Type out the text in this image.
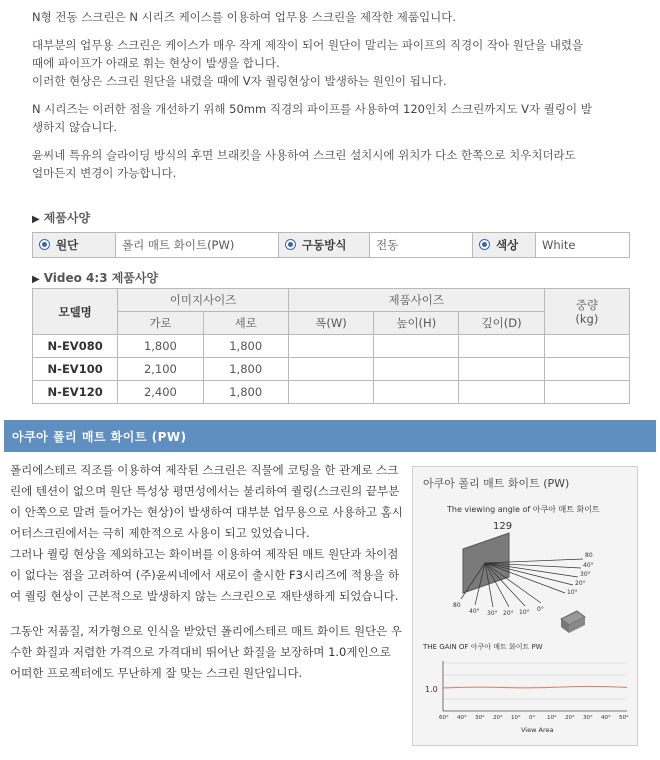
N형 전동 스크린은 N 시리즈 케이스를 이용하여 업무용 스크린을 제작한 제품입니다.

대부분의 업무용 스크린은 케이스가 매우 작게 제작이 되어 원단이 말리는 파이프의 직경이 작아 원단을 내렸을
때에 파이프가 아래로 휘는 현상이 발생을 합니다.
이러한 현상은 스크린 원단을 내렸을 때에 V자 퀄링현상이 발생하는 원인이 됩니다.

N 시리즈는 이러한 점을 개선하기 위해 50mm 직경의 파이프를 사용하여 120인치 스크린까지도 V자 퀄링이 발
생하지 않습니다.

윤씨네 특유의 슬라이딩 방식의 후면 브래킷을 사용하여 스크린 설치시에 위치가 다소 한쪽으로 치우치더라도
얼마든지 변경이 가능합니다.

▶ 제품사양
원단	폴리 매트 화이트(PW)	구동방식	전동	색상	White
▶ Video 4:3 제품사양
모델명	이미지사이즈		제품사이즈			중량
(kg)
	가로	세로	폭(W)	높이(H)	깊이(D)	
N-EV080	1,800	1,800				
N-EV100	2,100	1,800				
N-EV120	2,400	1,800				
아쿠아 폴리 매트 화이트 (PW)

폴리에스테르 직조를 이용하여 제작된 스크린은 직물에 코팅을 한 관계로 스크린에 텐션이 없으며 원단 특성상 평면성에서는 불리하여 퀄링(스크린의 끝부분이 안쪽으로 말려 들어가는 현상)이 발생하여 대부분 업무용으로 사용하고 홈시어터스크린에서는 극히 제한적으로 사용이 되고 있었습니다.

그러나 퀄링 현상을 제외하고는 화이버를 이용하여 제작된 매트 원단과 차이점이 없다는 점을 고려하여 (주)윤씨네에서 새로이 출시한 F3시리즈에 적용을 하여 퀄링 현상이 근본적으로 발생하지 않는 스크린으로 재탄생하게 되었습니다.

그동안 저품질, 저가형으로 인식을 받았던 폴리에스테르 매트 화이트 원단은 우수한 화질과 저렴한 가격으로 가격대비 뛰어난 화질을 보장하며 1.0게인으로 어떠한 프로젝터에도 무난하게 잘 맞는 스크린 원단입니다.

아쿠아 폴리 매트 화이트 (PW)
The viewing angle of 아쿠아 매트 화이트
129
80
40°
30°
20°
10°
80
40° 30° 20° 10° 0°
THE GAIN OF 아쿠아 매트 화이트 PW
1.0
60° 40° 30° 20° 10° 0° 10° 20° 30° 40° 50°
View Area
